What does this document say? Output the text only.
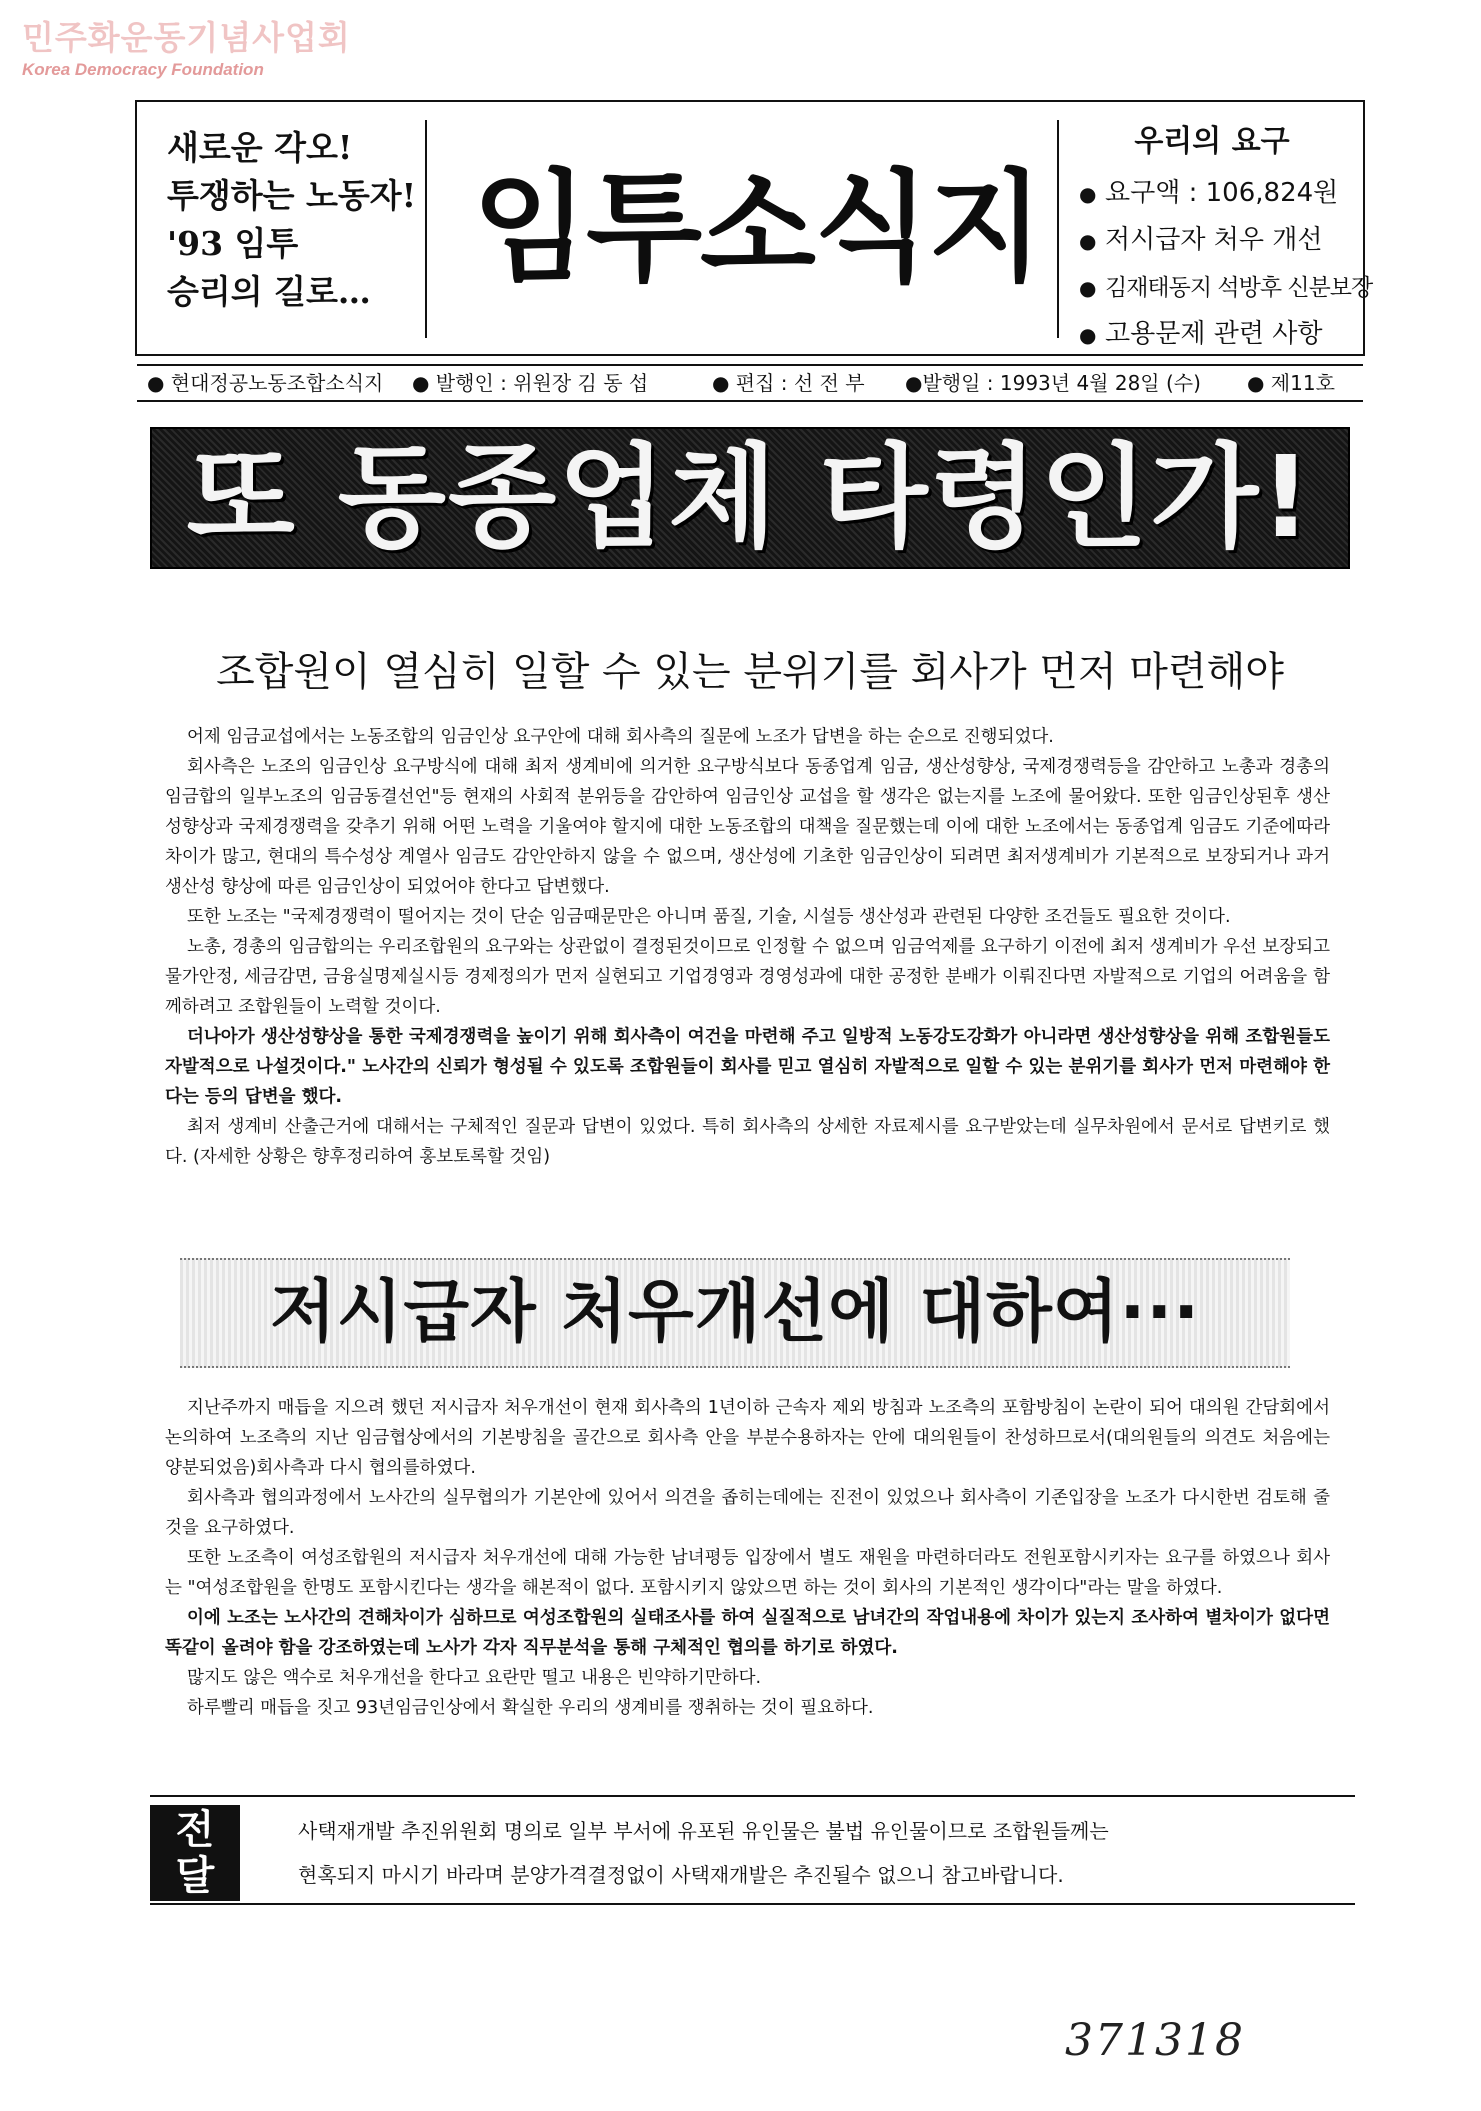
민주화운동기념사업회
Korea Democracy Foundation
새로운 각오!
투쟁하는 노동자!
'93 임투
승리의 길로… 임투소식지
우리의 요구
● 요구액 : 106,824원
● 저시급자 처우 개선
● 김재태동지 석방후 신분보장
● 고용문제 관련 사항
● 현대정공노동조합소식지 ● 발행인 : 위원장 김 동 섭	● 편집 : 선 전 부 ●발행일 : 1993년 4월 28일 (수) ● 제11호
또 동종업체 타령인가!
조합원이 열심히 일할 수 있는 분위기를 회사가 먼저 마련해야

어제 임금교섭에서는 노동조합의 임금인상 요구안에 대해 회사측의 질문에 노조가 답변을 하는 순으로 진행되었다.

회사측은 노조의 임금인상 요구방식에 대해 최저 생계비에 의거한 요구방식보다 동종업계 임금, 생산성향상, 국제경쟁력등을 감안하고 노총과 경총의 임금합의 일부노조의 임금동결선언"등 현재의 사회적 분위등을 감안하여 임금인상 교섭을 할 생각은 없는지를 노조에 물어왔다. 또한 임금인상된후 생산성향상과 국제경쟁력을 갖추기 위해 어떤 노력을 기울여야 할지에 대한 노동조합의 대책을 질문했는데 이에 대한 노조에서는 동종업계 임금도 기준에따라 차이가 많고, 현대의 특수성상 계열사 임금도 감안안하지 않을 수 없으며, 생산성에 기초한 임금인상이 되려면 최저생계비가 기본적으로 보장되거나 과거 생산성 향상에 따른 임금인상이 되었어야 한다고 답변했다.

또한 노조는 "국제경쟁력이 떨어지는 것이 단순 임금때문만은 아니며 품질, 기술, 시설등 생산성과 관련된 다양한 조건들도 필요한 것이다.

노총, 경총의 임금합의는 우리조합원의 요구와는 상관없이 결정된것이므로 인정할 수 없으며 임금억제를 요구하기 이전에 최저 생계비가 우선 보장되고 물가안정, 세금감면, 금융실명제실시등 경제정의가 먼저 실현되고 기업경영과 경영성과에 대한 공정한 분배가 이뤄진다면 자발적으로 기업의 어려움을 함께하려고 조합원들이 노력할 것이다.

더나아가 생산성향상을 통한 국제경쟁력을 높이기 위해 회사측이 여건을 마련해 주고 일방적 노동강도강화가 아니라면 생산성향상을 위해 조합원들도 자발적으로 나설것이다." 노사간의 신뢰가 형성될 수 있도록 조합원들이 회사를 믿고 열심히 자발적으로 일할 수 있는 분위기를 회사가 먼저 마련해야 한다는 등의 답변을 했다.

최저 생계비 산출근거에 대해서는 구체적인 질문과 답변이 있었다. 특히 회사측의 상세한 자료제시를 요구받았는데 실무차원에서 문서로 답변키로 했다. (자세한 상황은 향후정리하여 홍보토록할 것임)

저시급자 처우개선에 대하여···

지난주까지 매듭을 지으려 했던 저시급자 처우개선이 현재 회사측의 1년이하 근속자 제외 방침과 노조측의 포함방침이 논란이 되어 대의원 간담회에서 논의하여 노조측의 지난 임금협상에서의 기본방침을 골간으로 회사측 안을 부분수용하자는 안에 대의원들이 찬성하므로서(대의원들의 의견도 처음에는 양분되었음)회사측과 다시 협의를하였다.

회사측과 협의과정에서 노사간의 실무협의가 기본안에 있어서 의견을 좁히는데에는 진전이 있었으나 회사측이 기존입장을 노조가 다시한번 검토해 줄것을 요구하였다.

또한 노조측이 여성조합원의 저시급자 처우개선에 대해 가능한 남녀평등 입장에서 별도 재원을 마련하더라도 전원포함시키자는 요구를 하였으나 회사는 "여성조합원을 한명도 포함시킨다는 생각을 해본적이 없다. 포함시키지 않았으면 하는 것이 회사의 기본적인 생각이다"라는 말을 하였다.

이에 노조는 노사간의 견해차이가 심하므로 여성조합원의 실태조사를 하여 실질적으로 남녀간의 작업내용에 차이가 있는지 조사하여 별차이가 없다면 똑같이 올려야 함을 강조하였는데 노사가 각자 직무분석을 통해 구체적인 협의를 하기로 하였다.

많지도 않은 액수로 처우개선을 한다고 요란만 떨고 내용은 빈약하기만하다.

하루빨리 매듭을 짓고 93년임금인상에서 확실한 우리의 생계비를 쟁취하는 것이 필요하다.

전
달
사택재개발 추진위원회 명의로 일부 부서에 유포된 유인물은 불법 유인물이므로 조합원들께는
현혹되지 마시기 바라며 분양가격결정없이 사택재개발은 추진될수 없으니 참고바랍니다.
371318
